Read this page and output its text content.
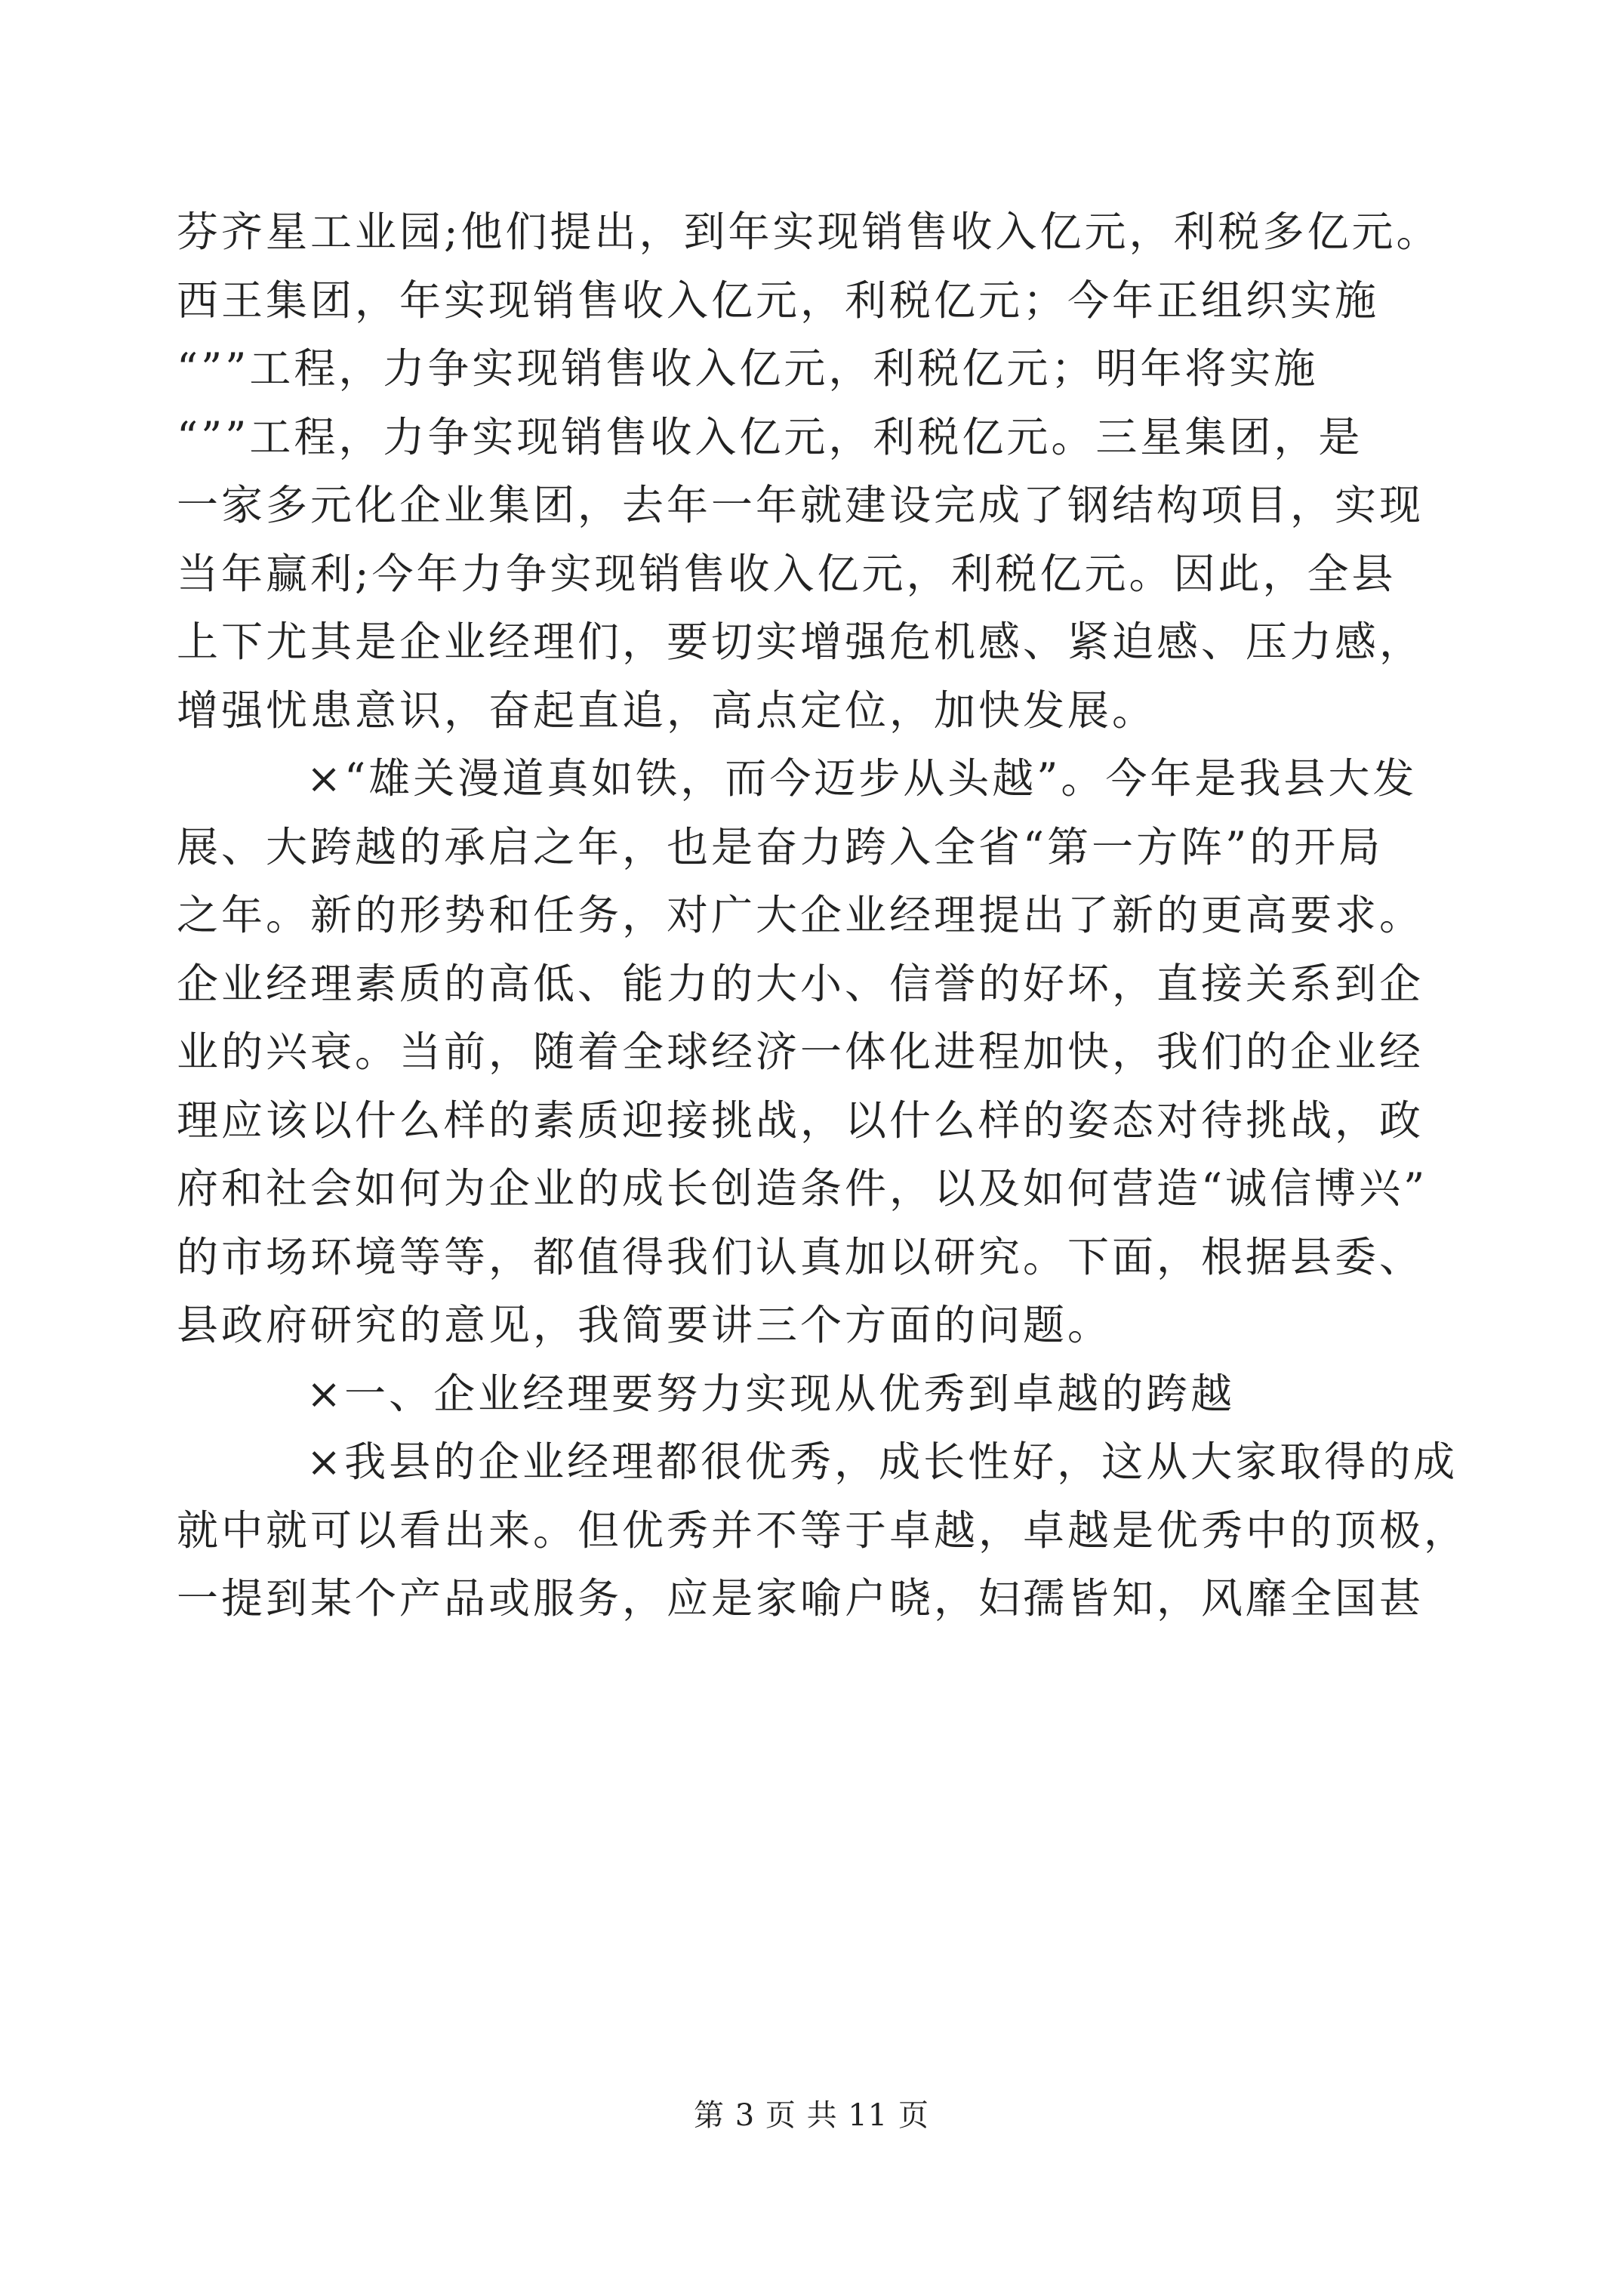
芬齐星工业园;他们提出，到年实现销售收入亿元，利税多亿元。
西王集团，年实现销售收入亿元，利税亿元；今年正组织实施
“””工程，力争实现销售收入亿元，利税亿元；明年将实施
“””工程，力争实现销售收入亿元，利税亿元。三星集团，是
一家多元化企业集团，去年一年就建设完成了钢结构项目，实现
当年赢利;今年力争实现销售收入亿元，利税亿元。因此，全县
上下尤其是企业经理们，要切实增强危机感、紧迫感、压力感，
增强忧患意识，奋起直追，高点定位，加快发展。
×“雄关漫道真如铁，而今迈步从头越”。今年是我县大发
展、大跨越的承启之年，也是奋力跨入全省“第一方阵”的开局
之年。新的形势和任务，对广大企业经理提出了新的更高要求。
企业经理素质的高低、能力的大小、信誉的好坏，直接关系到企
业的兴衰。当前，随着全球经济一体化进程加快，我们的企业经
理应该以什么样的素质迎接挑战，以什么样的姿态对待挑战，政
府和社会如何为企业的成长创造条件，以及如何营造“诚信博兴”
的市场环境等等，都值得我们认真加以研究。下面，根据县委、
县政府研究的意见，我简要讲三个方面的问题。
×一、企业经理要努力实现从优秀到卓越的跨越
×我县的企业经理都很优秀，成长性好，这从大家取得的成
就中就可以看出来。但优秀并不等于卓越，卓越是优秀中的顶极，
一提到某个产品或服务，应是家喻户晓，妇孺皆知，风靡全国甚
第 3 页 共 11 页
